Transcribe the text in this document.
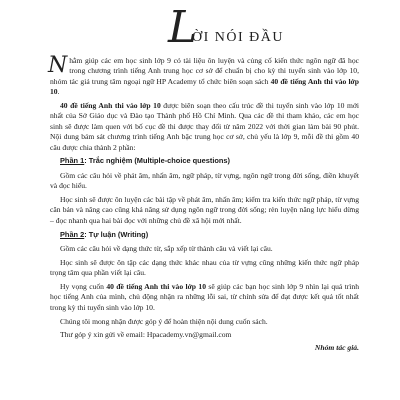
L
ỜI NÓI ĐẦU

Nhằm giúp các em học sinh lớp 9 có tài liệu ôn luyện và củng cố kiến thức ngôn ngữ đã học trong chương trình tiếng Anh trung học cơ sở để chuẩn bị cho kỳ thi tuyển sinh vào lớp 10, nhóm tác giả trung tâm ngoại ngữ HP Academy tổ chức biên soạn sách 40 đề tiếng Anh thi vào lớp 10.

40 đề tiếng Anh thi vào lớp 10 được biên soạn theo cấu trúc đề thi tuyển sinh vào lớp 10 mới nhất của Sở Giáo dục và Đào tạo Thành phố Hồ Chí Minh. Qua các đề thi tham khảo, các em học sinh sẽ được làm quen với bố cục đề thi được thay đổi từ năm 2022 với thời gian làm bài 90 phút. Nội dung bám sát chương trình tiếng Anh bậc trung học cơ sở, chủ yếu là lớp 9, mỗi đề thi gồm 40 câu được chia thành 2 phần:

Phần 1: Trắc nghiệm (Multiple-choice questions)

Gồm các câu hỏi về phát âm, nhấn âm, ngữ pháp, từ vựng, ngôn ngữ trong đời sống, điền khuyết và đọc hiểu.

Học sinh sẽ được ôn luyện các bài tập về phát âm, nhấn âm; kiểm tra kiến thức ngữ pháp, từ vựng căn bản và nâng cao cũng khả năng sử dụng ngôn ngữ trong đời sống; rèn luyện năng lực hiểu dừng – đọc nhanh qua hai bài đọc với những chủ đề xã hội mới nhất.

Phần 2: Tự luận (Writing)

Gồm các câu hỏi về dạng thức từ, sắp xếp từ thành câu và viết lại câu.

Học sinh sẽ được ôn tập các dạng thức khác nhau của từ vựng cũng những kiến thức ngữ pháp trọng tâm qua phần viết lại câu.

Hy vọng cuốn 40 đề tiếng Anh thi vào lớp 10 sẽ giúp các bạn học sinh lớp 9 nhìn lại quá trình học tiếng Anh của mình, chủ động nhận ra những lỗi sai, từ chính sửa để đạt được kết quả tốt nhất trong kỳ thi tuyển sinh vào lớp 10.

Chúng tôi mong nhận được góp ý để hoàn thiện nội dung cuốn sách.

Thư góp ý xin gửi về email: Hpacademy.vn@gmail.com

Nhóm tác giả.
